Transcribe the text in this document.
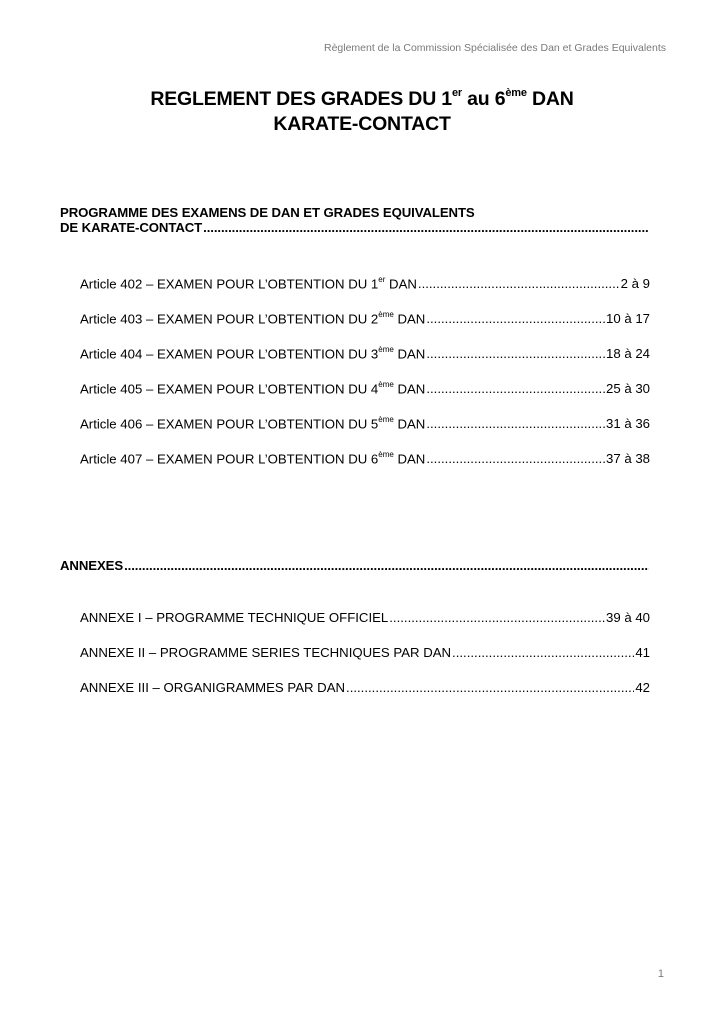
Règlement de la Commission Spécialisée des Dan et Grades Equivalents
REGLEMENT DES GRADES DU 1er au 6ème DAN
KARATE-CONTACT
PROGRAMME DES EXAMENS DE DAN ET GRADES EQUIVALENTS
DE KARATE-CONTACT
.....
Article 402 – EXAMEN POUR L’OBTENTION DU 1er DAN .....	2 à 9
Article 403 – EXAMEN POUR L’OBTENTION DU 2ème DAN .....	10 à 17
Article 404 – EXAMEN POUR L’OBTENTION DU 3ème DAN .....	18 à 24
Article 405 – EXAMEN POUR L’OBTENTION DU 4ème DAN .....	25 à 30
Article 406 – EXAMEN POUR L’OBTENTION DU 5ème DAN .....	31 à 36
Article 407 – EXAMEN POUR L’OBTENTION DU 6ème DAN .....	37 à 38
ANNEXES
.....
ANNEXE I – PROGRAMME TECHNIQUE OFFICIEL .....	39 à 40
ANNEXE II – PROGRAMME SERIES TECHNIQUES PAR DAN .....	41
ANNEXE III – ORGANIGRAMMES PAR DAN .....	42
1
